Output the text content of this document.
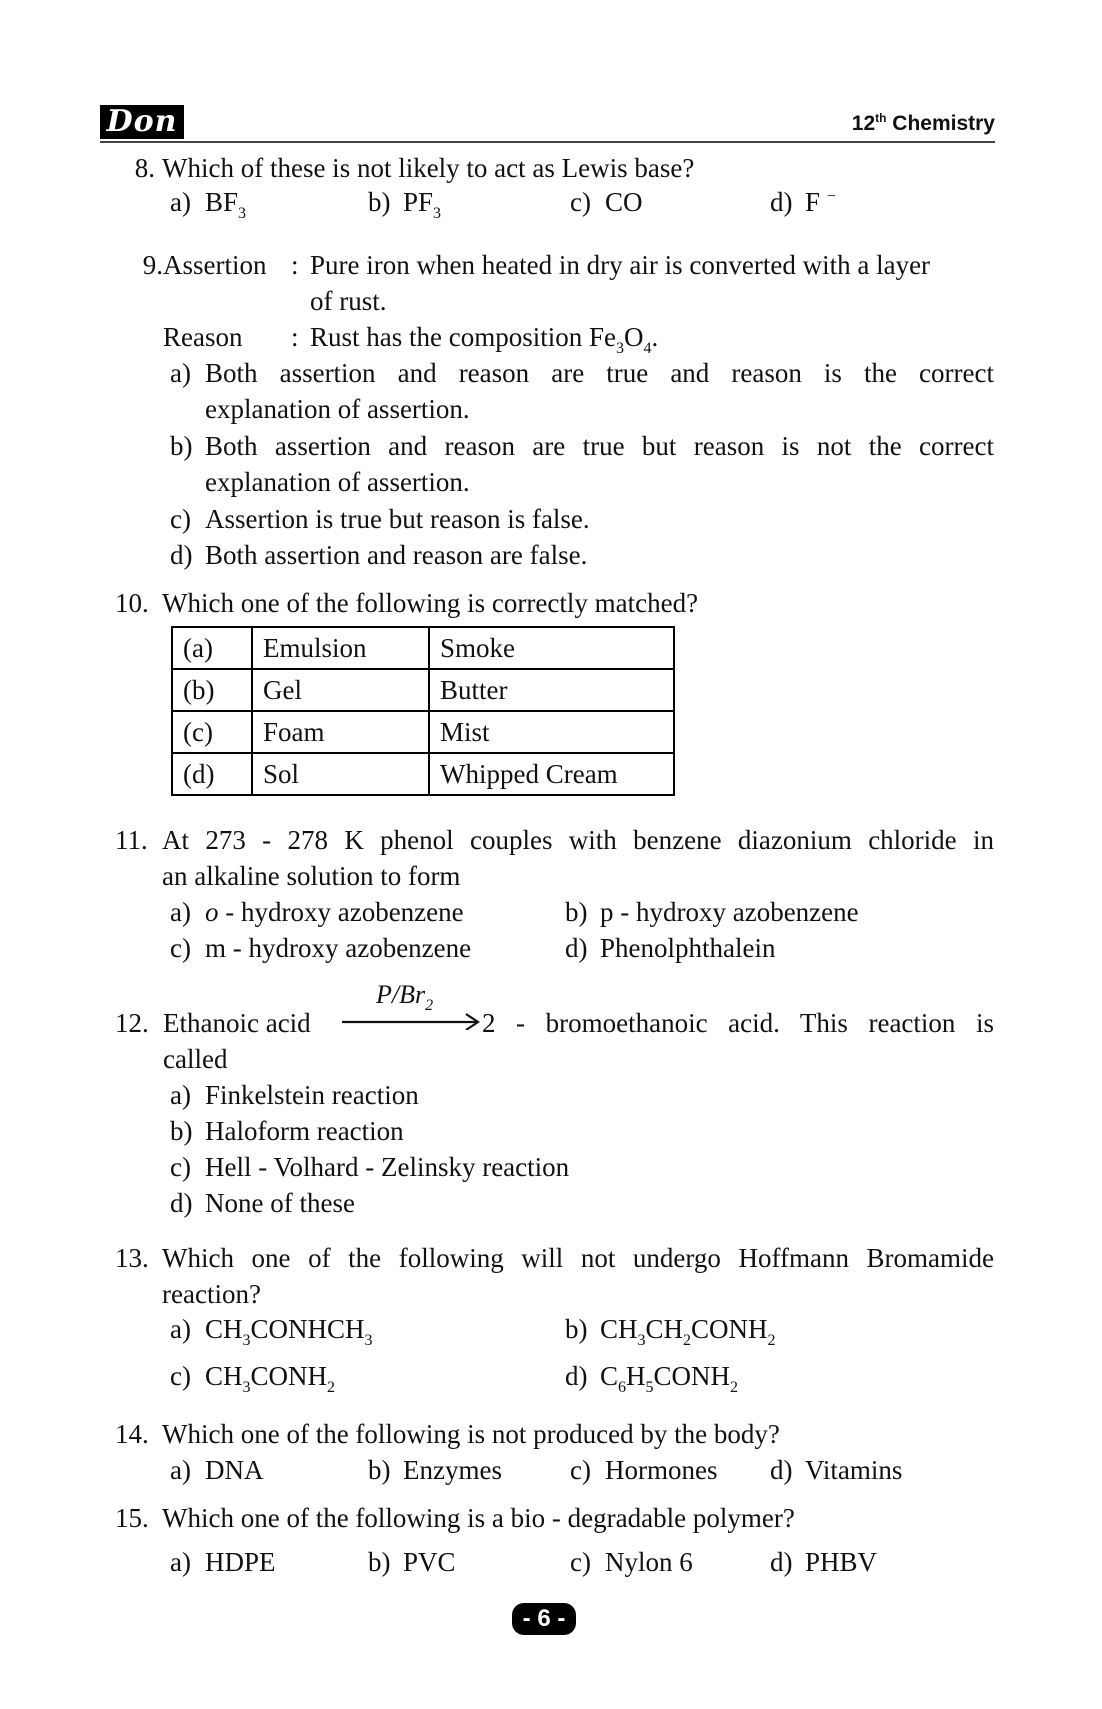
Don	12th Chemistry
8. Which of these is not likely to act as Lewis base?
a) $BF_3$	b) $PF_3$	c) CO	d) F −
9. Assertion : Pure iron when heated in dry air is converted with a layer
of rust.
Reason : Rust has the composition $Fe_3O_4$.
a) Both assertion and reason are true and reason is the correct
explanation of assertion.
b) Both assertion and reason are true but reason is not the correct
explanation of assertion.
c) Assertion is true but reason is false.
d) Both assertion and reason are false.
10. Which one of the following is correctly matched?
(a)	Emulsion	Smoke
(b)	Gel	Butter
(c)	Foam	Mist
(d)	Sol	Whipped Cream
11. At 273 - 278 K phenol couples with benzene diazonium chloride in
an alkaline solution to form
a) o - hydroxy azobenzene	b) p - hydroxy azobenzene
c) m - hydroxy azobenzene	d) Phenolphthalein
12. Ethanoic acid	2 - bromoethanoic acid. This reaction is
called
$P/Br_2$
a) Finkelstein reaction
b) Haloform reaction
c) Hell - Volhard - Zelinsky reaction
d) None of these
13. Which one of the following will not undergo Hoffmann Bromamide
reaction?
a) $CH_3CONHCH_3$	b) $CH_3CH_2CONH_2$
c) $CH_3CONH_2$	d) $C_6H_5CONH_2$
14. Which one of the following is not produced by the body?
a) DNA	b) Enzymes	c) Hormones d) Vitamins
15. Which one of the following is a bio - degradable polymer?
a) HDPE	b) PVC	c) Nylon 6	d) PHBV
- 6 -
